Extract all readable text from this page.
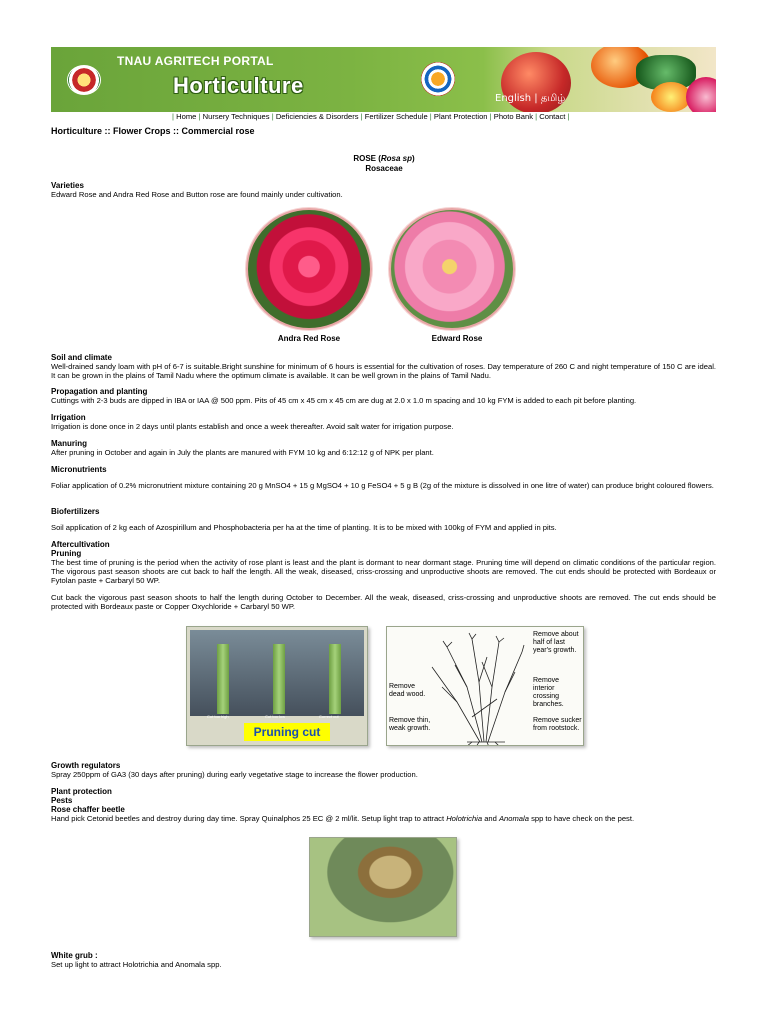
TNAU AGRITECH PORTAL
Horticulture
English | தமிழ்
| Home | Nursery Techniques | Deficiencies & Disorders | Fertilizer Schedule | Plant Protection | Photo Bank | Contact |
Horticulture :: Flower Crops :: Commercial rose
ROSE (Rosa sp)
Rosaceae
Varieties
Edward Rose and Andra Red Rose and Button rose are found mainly under cultivation.
Andra Red Rose	Edward Rose
Soil and climate
Well-drained sandy loam with pH of 6-7 is suitable.Bright sunshine for minimum of 6 hours is essential for the cultivation of roses. Day temperature of 260 C and night temperature of 150 C are ideal. It can be grown in the plains of Tamil Nadu where the optimum climate is available. It can be well grown in the plains of Tamil Nadu.
Propagation and planting
Cuttings with 2-3 buds are dipped in IBA or IAA @ 500 ppm. Pits of 45 cm x 45 cm x 45 cm are dug at 2.0 x 1.0 m spacing and 10 kg FYM is added to each pit before planting.
Irrigation
Irrigation is done once in 2 days until plants establish and once a week thereafter. Avoid salt water for irrigation purpose.
Manuring
After pruning in October and again in July the plants are manured with FYM 10 kg and 6:12:12 g of NPK per plant.
Micronutrients
Foliar application of 0.2% micronutrient mixture containing 20 g MnSO4 + 15 g MgSO4 + 10 g FeSO4 + 5 g B (2g of the mixture is dissolved in one litre of water) can produce bright coloured flowers.
Biofertilizers
Soil application of 2 kg each of Azospirillum and Phosphobacteria per ha at the time of planting. It is to be mixed with 100kg of FYM and applied in pits.
Aftercultivation
Pruning
The best time of pruning is the period when the activity of rose plant is least and the plant is dormant to near dormant stage. Pruning time will depend on climatic conditions of the particular region. The vigorous past season shoots are cut back to half the length. All the weak, diseased, criss-crossing and unproductive shoots are removed. The cut ends should be protected with Bordeaux or Fytolan paste + Carbaryl 50 WP.
Cut back the vigorous past season shoots to half the length during October to December. All the weak, diseased, criss-crossing and unproductive shoots are removed. The cut ends should be protected with Bordeaux paste or Copper Oxychloride + Carbaryl 50 WP.
Cut too high	Cut too low	Correct cut
Pruning cut
Remove about half of last year's growth.
Remove dead wood.
Remove interior crossing branches.
Remove thin, weak growth.
Remove sucker from rootstock.
Growth regulators
Spray 250ppm of GA3 (30 days after pruning) during early vegetative stage to increase the flower production.
Plant protection
Pests
Rose chaffer beetle
Hand pick Cetonid beetles and destroy during day time. Spray Quinalphos 25 EC @ 2 ml/lit. Setup light trap to attract Holotrichia and Anomala spp to have check on the pest.
White grub :
Set up light to attract Holotrichia and Anomala spp.
